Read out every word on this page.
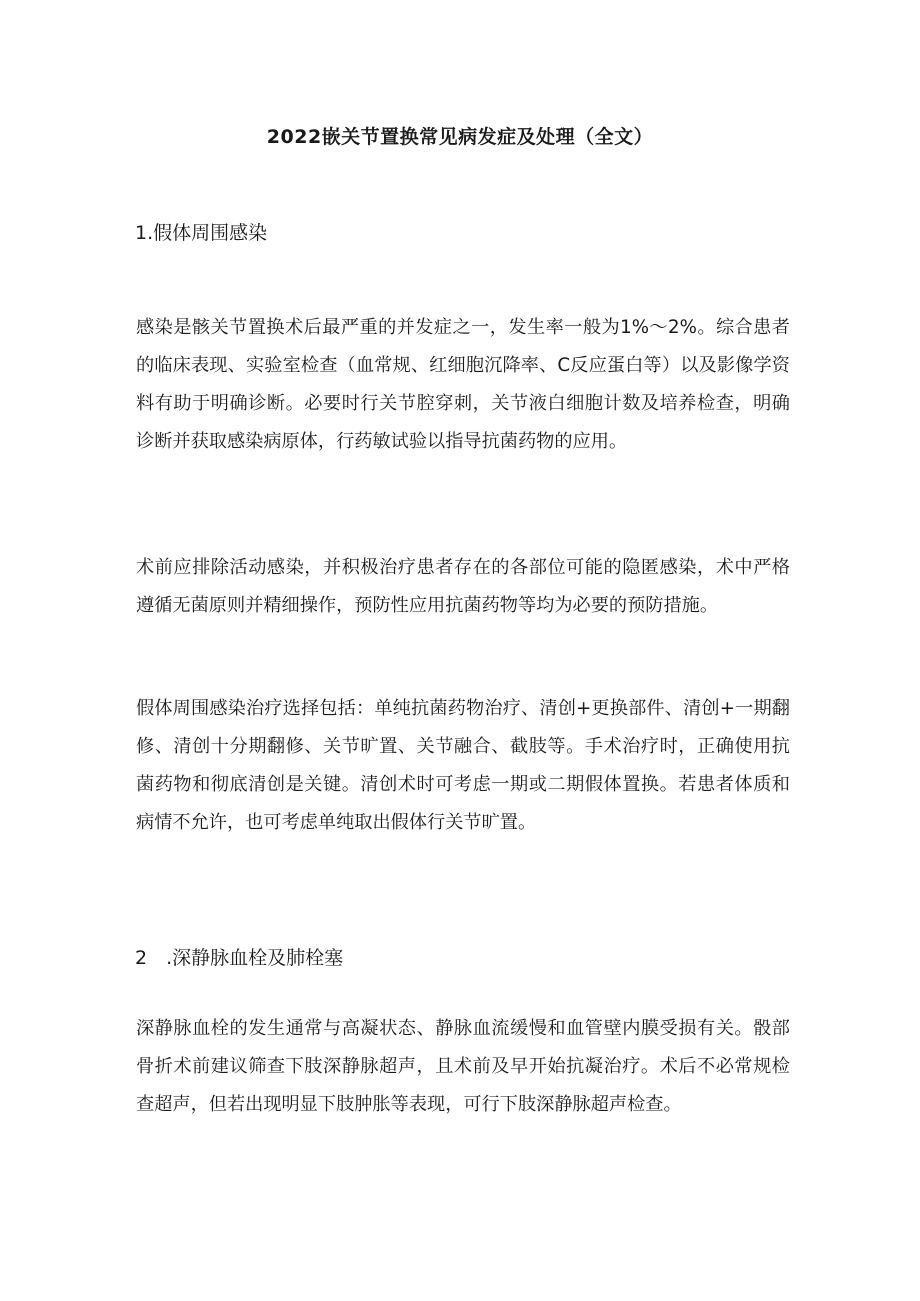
2022嵌关节置换常见病发症及处理（全文）
1.假体周围感染

感染是骸关节置换术后最严重的并发症之一，发生率一般为1%～2%。综合患者的临床表现、实验室检查（血常规、红细胞沉降率、C反应蛋白等）以及影像学资料有助于明确诊断。必要时行关节腔穿刺，关节液白细胞计数及培养检查，明确诊断并获取感染病原体，行药敏试验以指导抗菌药物的应用。

术前应排除活动感染，并积极治疗患者存在的各部位可能的隐匿感染，术中严格遵循无菌原则并精细操作，预防性应用抗菌药物等均为必要的预防措施。

假体周围感染治疗选择包括：单纯抗菌药物治疗、清创+更换部件、清创+一期翻修、清创十分期翻修、关节旷置、关节融合、截肢等。手术治疗时，正确使用抗菌药物和彻底清创是关键。清创术时可考虑一期或二期假体置换。若患者体质和病情不允许，也可考虑单纯取出假体行关节旷置。

2　.深静脉血栓及肺栓塞

深静脉血栓的发生通常与高凝状态、静脉血流缓慢和血管壁内膜受损有关。骰部骨折术前建议筛查下肢深静脉超声，且术前及早开始抗凝治疗。术后不必常规检查超声，但若出现明显下肢肿胀等表现，可行下肢深静脉超声检查。
